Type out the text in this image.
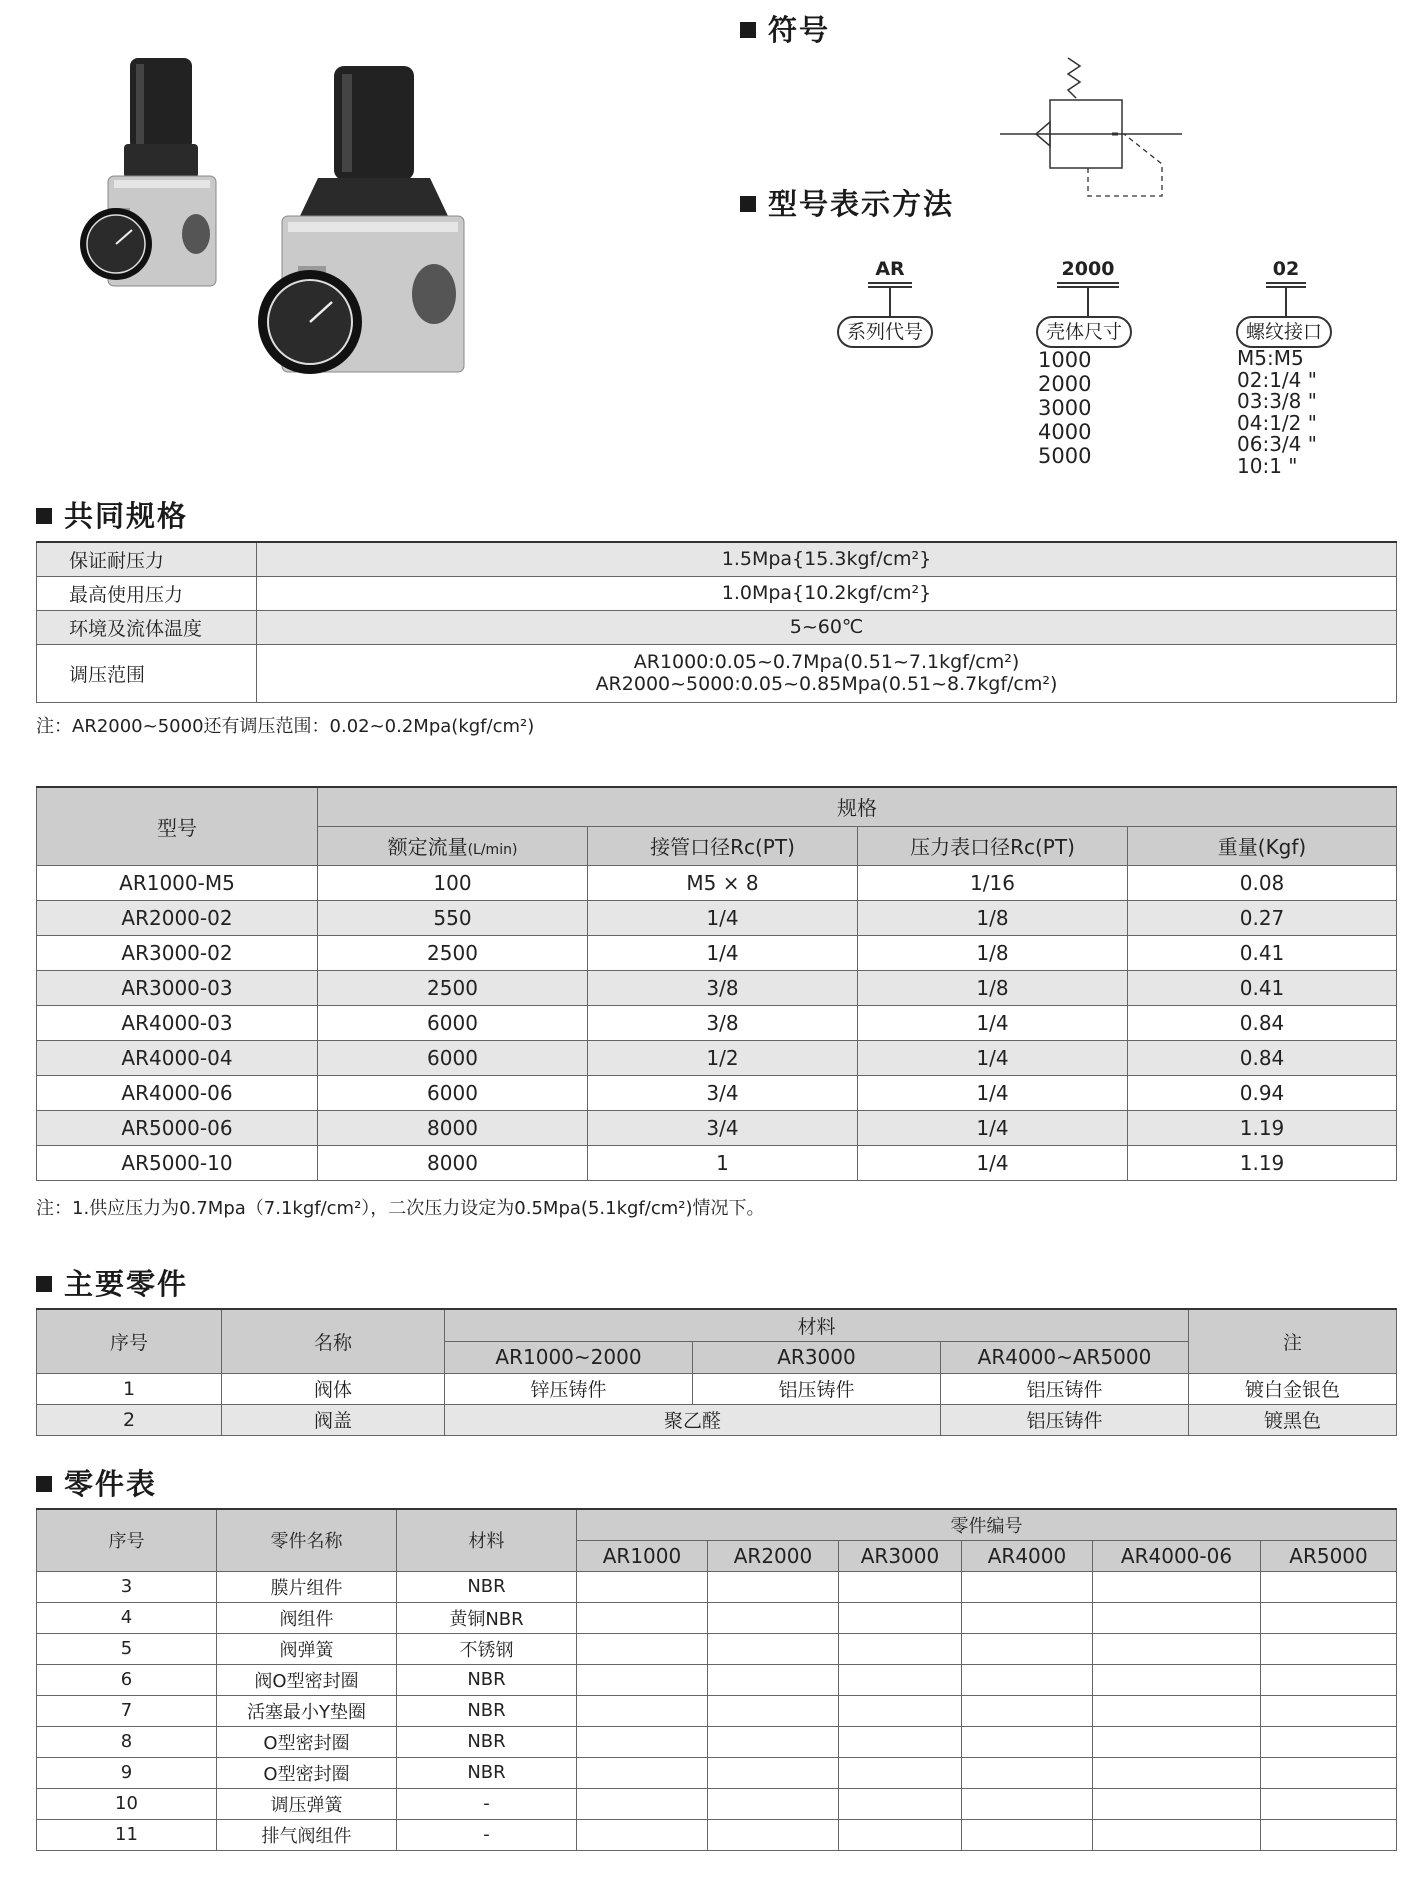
符号
型号表示方法
AR
系列代号
2000
壳体尺寸
1000
2000
3000
4000
5000
02
螺纹接口
M5:M5
02:1/4 "
03:3/8 "
04:1/2 "
06:3/4 "
10:1 "
共同规格
保证耐压力	1.5Mpa{15.3kgf/cm²}
最高使用压力	1.0Mpa{10.2kgf/cm²}
环境及流体温度	5~60℃
调压范围	AR1000:0.05~0.7Mpa(0.51~7.1kgf/cm²)
AR2000~5000:0.05~0.85Mpa(0.51~8.7kgf/cm²)
注：AR2000~5000还有调压范围：0.02~0.2Mpa(kgf/cm²)
型号	规格			
	额定流量(L/min)	接管口径Rc(PT)	压力表口径Rc(PT)	重量(Kgf)
AR1000-M5	100	M5 × 8	1/16	0.08
AR2000-02	550	1/4	1/8	0.27
AR3000-02	2500	1/4	1/8	0.41
AR3000-03	2500	3/8	1/8	0.41
AR4000-03	6000	3/8	1/4	0.84
AR4000-04	6000	1/2	1/4	0.84
AR4000-06	6000	3/4	1/4	0.94
AR5000-06	8000	3/4	1/4	1.19
AR5000-10	8000	1	1/4	1.19
注：1.供应压力为0.7Mpa（7.1kgf/cm²），二次压力设定为0.5Mpa(5.1kgf/cm²)情况下。
主要零件
序号	名称	材料			注
		AR1000~2000	AR3000	AR4000~AR5000	
1	阀体	锌压铸件	铝压铸件	铝压铸件	镀白金银色
2	阀盖	聚乙醛		铝压铸件	镀黑色
零件表
序号	零件名称	材料	零件编号					
			AR1000	AR2000	AR3000	AR4000	AR4000-06	AR5000
3	膜片组件	NBR						
4	阀组件	黄铜NBR						
5	阀弹簧	不锈钢						
6	阀O型密封圈	NBR						
7	活塞最小Y垫圈	NBR						
8	O型密封圈	NBR						
9	O型密封圈	NBR						
10	调压弹簧	-						
11	排气阀组件	-						
